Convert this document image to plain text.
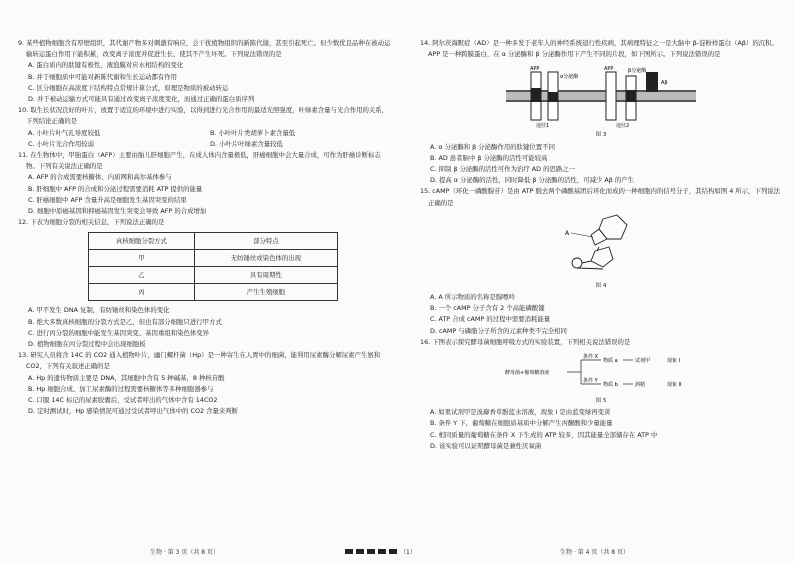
9. 某些植物细胞含有厚壁组织，其代谢产物多对刺激有响应，会干扰植物组织的新陈代谢，甚至引起死亡。但少数优良品种在被动运输转运蛋白作用下能积累，改变离子浓度并促进生长，使其不产生坏死。下列说法错误的是
A. 蛋白质内的肽键有极性，液泡膜对应水相结构的变化
B. 并于细胞质中可能对新陈代谢和生长运动都有作用
C. 区分细胞在高浓度下结构特点常规计算公式，原理是物质的被动转运
D. 并于被动运输方式可能具有通过改变离子浓度变化，而通过正确的蛋白质序列
10. 取生长状况良好的叶片，放置于适宜的环境中进行实验，以得到进行光合作用的最适光照强度，叶绿素含量与光合作用的关系，下列结论正确的是
A. 小叶片叶气孔导度较低	B. 小叶叶片类胡萝卜素含量低
C. 小叶片光合作用较弱	D. 小叶片叶绿素含量较低
11. 在生物体中，甲胎蛋白（AFP）主要由胎儿肝细胞产生，在成人体内含量极低，肝癌细胞中会大量合成，可作为肝癌诊断标志物。下列有关说法正确的是
A. AFP 的合成需要核糖体、内质网和高尔基体参与
B. 肝细胞中 AFP 的合成和分泌过程需要消耗 ATP 提供的能量
C. 肝癌细胞中 AFP 含量升高是细胞发生基因突变的结果
D. 细胞中原癌基因和抑癌基因发生突变会导致 AFP 的合成增加
12. 下表为细胞分裂的相关信息，下列说法正确的是
真核细胞分裂方式	部分特点
甲	无纺锤丝或染色体的出现
乙	具有周期性
丙	产生生殖细胞
A. 甲不发生 DNA 复制，有纺锤丝和染色体的变化
B. 绝大多数真核细胞的分裂方式是乙，但也有部分细胞只进行甲方式
C. 进行丙分裂的细胞中能发生基因突变、基因重组和染色体变异
D. 植物细胞在丙分裂过程中会出现细胞板
13. 研究人员将含 14C 的 CO2 通入植物叶片，幽门螺杆菌（Hp）是一种寄生在人胃中的细菌，能利用尿素酶分解尿素产生氨和 CO2，下列有关叙述正确的是
A. Hp 的遗传物质主要是 DNA，其细胞中含有 5 种碱基，8 种核苷酸
B. Hp 细胞合成、加工尿素酶的过程需要核糖体等多种细胞器参与
C. 口服 14C 标记的尿素胶囊后，受试者呼出的气体中含有 14CO2
D. 定时测试时，Hp 感染情况可通过受试者呼出气体中的 CO2 含量来判断
14. 阿尔茨海默症（AD）是一种多发于老年人的神经系统退行性疾病，其病理特征之一是大脑中 β-淀粉样蛋白（Aβ）的沉积。APP 是一种跨膜蛋白，在 α 分泌酶和 β 分泌酶作用下产生不同的片段，如下图所示。下列说法错误的是
APP
α分泌酶
APP	β分泌酶
Aβ
途径1	途径2
图 3
A. α 分泌酶和 β 分泌酶作用的肽键位置不同
B. AD 患者脑中 β 分泌酶的活性可能较高
C. 抑制 β 分泌酶的活性可作为治疗 AD 的思路之一
D. 提高 α 分泌酶的活性，同时降低 β 分泌酶的活性，可减少 Aβ 的产生
15. cAMP（环化一磷酸腺苷）是由 ATP 脱去两个磷酸基团后环化而成的一种细胞内的信号分子，其结构如图 4 所示，下列说法正确的是
A
图 4
A. A 所示物质的名称是腺嘌呤
B. 一个 cAMP 分子含有 2 个高能磷酸键
C. ATP 合成 cAMP 的过程中需要消耗能量
D. cAMP 与磷脂分子所含的元素种类不完全相同
16. 下图表示探究酵母菌细胞呼吸方式的实验装置，下列相关说法错误的是
酵母菌+葡萄糖溶液
条件 X
条件 Y
物质 a	试剂甲	现象 Ⅰ
物质 b	酒精	现象 Ⅱ
图 5
A. 如果试剂甲是溴麝香草酚蓝水溶液，现象 Ⅰ 是由蓝变绿再变黄
B. 条件 Y 下，葡萄糖在细胞质基质中分解产生丙酮酸和少量能量
C. 相同质量的葡萄糖在条件 X 下生成的 ATP 较多，因其能量全部储存在 ATP 中
D. 该实验可以证明酵母菌是兼性厌氧菌
生物 · 第 3 页（共 8 页）	（1）	生物 · 第 4 页（共 8 页）
